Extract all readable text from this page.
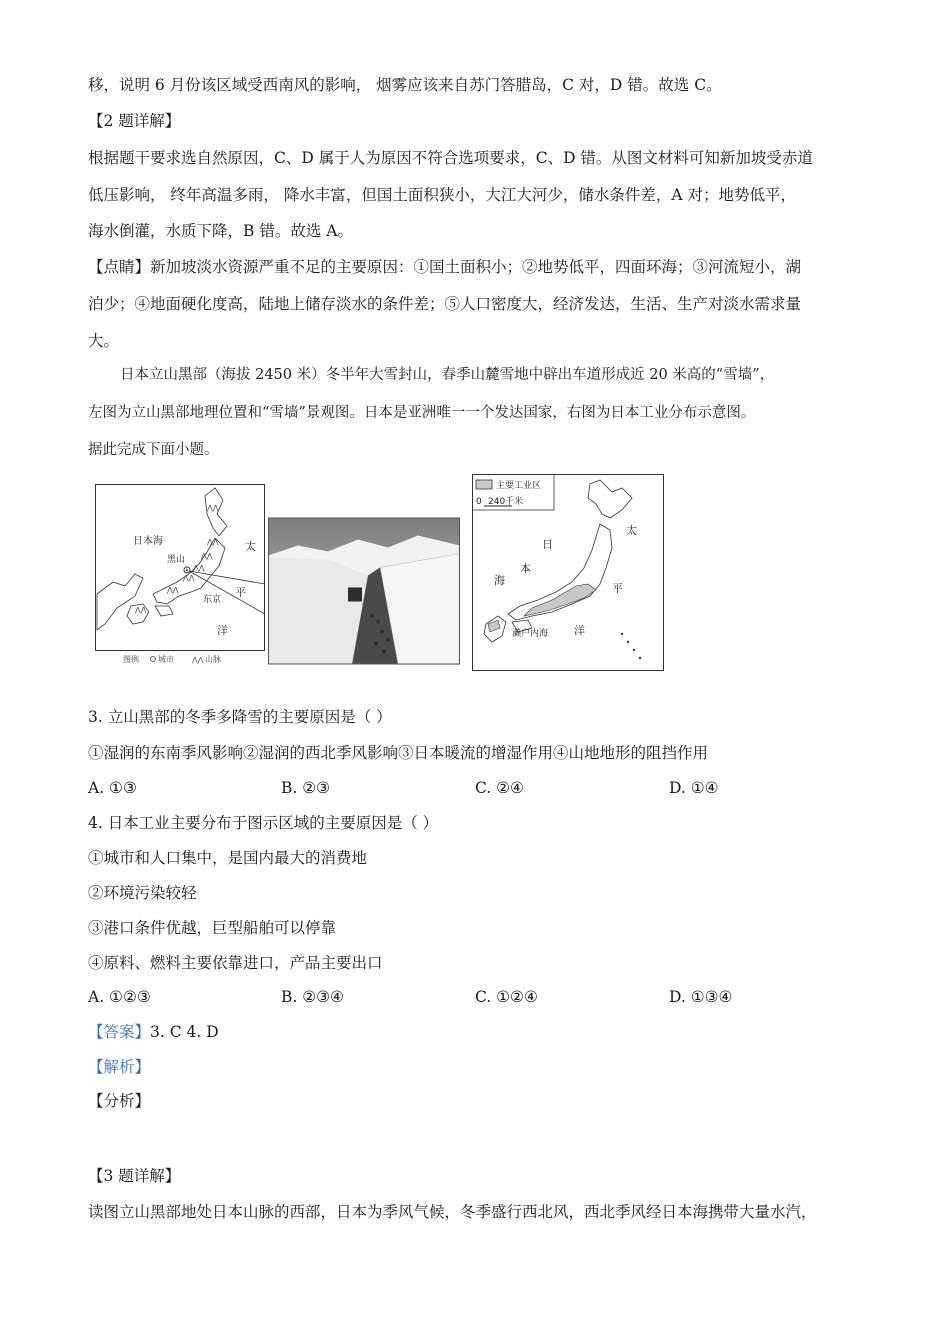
移，说明 6 月份该区域受西南风的影响， 烟雾应该来自苏门答腊岛，C 对，D 错。故选 C。
【2 题详解】
根据题干要求选自然原因，C、D 属于人为原因不符合选项要求，C、D 错。从图文材料可知新加坡受赤道
低压影响， 终年高温多雨， 降水丰富，但国土面积狭小，大江大河少，储水条件差，A 对；地势低平，
海水倒灌，水质下降，B 错。故选 A。
【点睛】新加坡淡水资源严重不足的主要原因：①国土面积小；②地势低平，四面环海；③河流短小，湖
泊少；④地面硬化度高，陆地上储存淡水的条件差；⑤人口密度大，经济发达，生活、生产对淡水需求量
大。
日本立山黑部（海拔 2450 米）冬半年大雪封山，春季山麓雪地中辟出车道形成近 20 米高的“雪墙”，
左图为立山黑部地理位置和“雪墙”景观图。日本是亚洲唯一一个发达国家，右图为日本工业分布示意图。
据此完成下面小题。
⋀⋀
⋀⋀
⋀⋀
⋀⋀
⋀⋀
⋀⋀
⋀⋀
日本海
黑山
东京
太
平
洋
图例 城市	⋀⋀ 山脉
主要工业区
0 240千米
日
本
海
太
平
洋
濑户内海
3. 立山黑部的冬季多降雪的主要原因是（ ）
①湿润的东南季风影响②湿润的西北季风影响③日本暖流的增湿作用④山地地形的阻挡作用
A. ①③	B. ②③	C. ②④	D. ①④
4. 日本工业主要分布于图示区域的主要原因是（ ）
①城市和人口集中，是国内最大的消费地
②环境污染较轻
③港口条件优越，巨型船舶可以停靠
④原料、燃料主要依靠进口，产品主要出口
A. ①②③	B. ②③④	C. ①②④	D. ①③④
【答案】3. C 4. D
【解析】
【分析】
【3 题详解】
读图立山黑部地处日本山脉的西部，日本为季风气候，冬季盛行西北风，西北季风经日本海携带大量水汽，
